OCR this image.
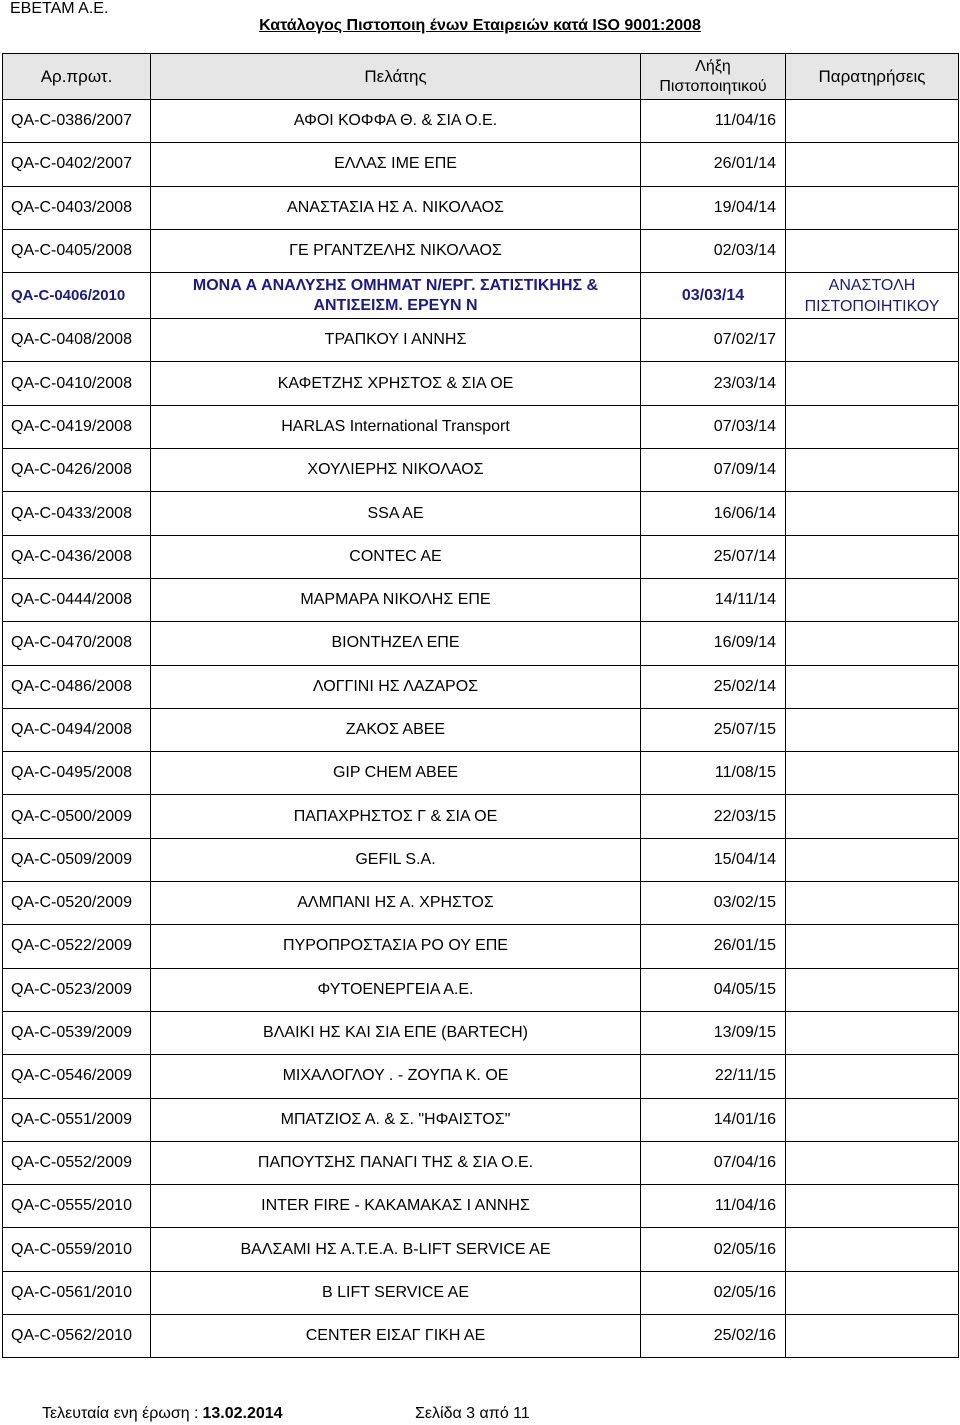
ΕΒΕΤΑΜ Α.Ε.
Κατάλογος Πιστοποιη ένων Εταιρειών κατά ISO 9001:2008
Αρ.πρωτ.	Πελάτης	Λήξη Πιστοποιητικού	Παρατηρήσεις
QA-C-0386/2007	ΑΦΟΙ ΚΟΦΦΑ Θ. & ΣΙΑ Ο.Ε.	11/04/16	
QA-C-0402/2007	ΕΛΛΑΣ ΙΜΕ ΕΠΕ	26/01/14	
QA-C-0403/2008	ΑΝΑΣΤΑΣΙΑ ΗΣ Α. ΝΙΚΟΛΑΟΣ	19/04/14	
QA-C-0405/2008	ΓΕ ΡΓΑΝΤΖΕΛΗΣ ΝΙΚΟΛΑΟΣ	02/03/14	
QA-C-0406/2010	ΜΟΝΑ Α ΑΝΑΛΥΣΗΣ ΟΜΗΜΑΤ Ν/ΕΡΓ. ΣΑΤΙΣΤΙΚΗΗΣ & ΑΝΤΙΣΕΙΣΜ. ΕΡΕΥΝ Ν	03/03/14	ΑΝΑΣΤΟΛΗ ΠΙΣΤΟΠΟΙΗΤΙΚΟΥ
QA-C-0408/2008	ΤΡΑΠΚΟΥ Ι ΑΝΝΗΣ	07/02/17	
QA-C-0410/2008	ΚΑΦΕΤΖΗΣ ΧΡΗΣΤΟΣ & ΣΙΑ ΟΕ	23/03/14	
QA-C-0419/2008	HARLAS International Transport	07/03/14	
QA-C-0426/2008	ΧΟΥΛΙΕΡΗΣ ΝΙΚΟΛΑΟΣ	07/09/14	
QA-C-0433/2008	SSA AE	16/06/14	
QA-C-0436/2008	CONTEC AE	25/07/14	
QA-C-0444/2008	ΜΑΡΜΑΡΑ ΝΙΚΟΛΗΣ ΕΠΕ	14/11/14	
QA-C-0470/2008	ΒΙΟΝΤΗΖΕΛ ΕΠΕ	16/09/14	
QA-C-0486/2008	ΛΟΓΓΙΝΙ ΗΣ ΛΑΖΑΡΟΣ	25/02/14	
QA-C-0494/2008	ΖΑΚΟΣ ΑΒΕΕ	25/07/15	
QA-C-0495/2008	GIP CHEM ABEE	11/08/15	
QA-C-0500/2009	ΠΑΠΑΧΡΗΣΤΟΣ Γ & ΣΙΑ ΟΕ	22/03/15	
QA-C-0509/2009	GEFIL S.A.	15/04/14	
QA-C-0520/2009	ΑΛΜΠΑΝΙ ΗΣ Α. ΧΡΗΣΤΟΣ	03/02/15	
QA-C-0522/2009	ΠΥΡΟΠΡΟΣΤΑΣΙΑ ΡΟ ΟΥ ΕΠΕ	26/01/15	
QA-C-0523/2009	ΦΥΤΟΕΝΕΡΓΕΙΑ Α.Ε.	04/05/15	
QA-C-0539/2009	ΒΛΑΙΚΙ ΗΣ ΚΑΙ ΣΙΑ ΕΠΕ (BARTECH)	13/09/15	
QA-C-0546/2009	ΜΙΧΑΛΟΓΛΟΥ . - ΖΟΥΠΑ Κ. ΟΕ	22/11/15	
QA-C-0551/2009	ΜΠΑΤΖΙΟΣ Α. & Σ. "ΗΦΑΙΣΤΟΣ"	14/01/16	
QA-C-0552/2009	ΠΑΠΟΥΤΣΗΣ ΠΑΝΑΓΙ ΤΗΣ & ΣΙΑ Ο.Ε.	07/04/16	
QA-C-0555/2010	INTER FIRE - ΚΑΚΑΜΑΚΑΣ Ι ΑΝΝΗΣ	11/04/16	
QA-C-0559/2010	ΒΑΛΣΑΜΙ ΗΣ Α.Τ.Ε.Α. B-LIFT SERVICE AE	02/05/16	
QA-C-0561/2010	B LIFT SERVICE AE	02/05/16	
QA-C-0562/2010	CENTER ΕΙΣΑΓ ΓΙΚΗ ΑΕ	25/02/16	
Τελευταία ενη έρωση : 13.02.2014	Σελίδα 3 από 11
